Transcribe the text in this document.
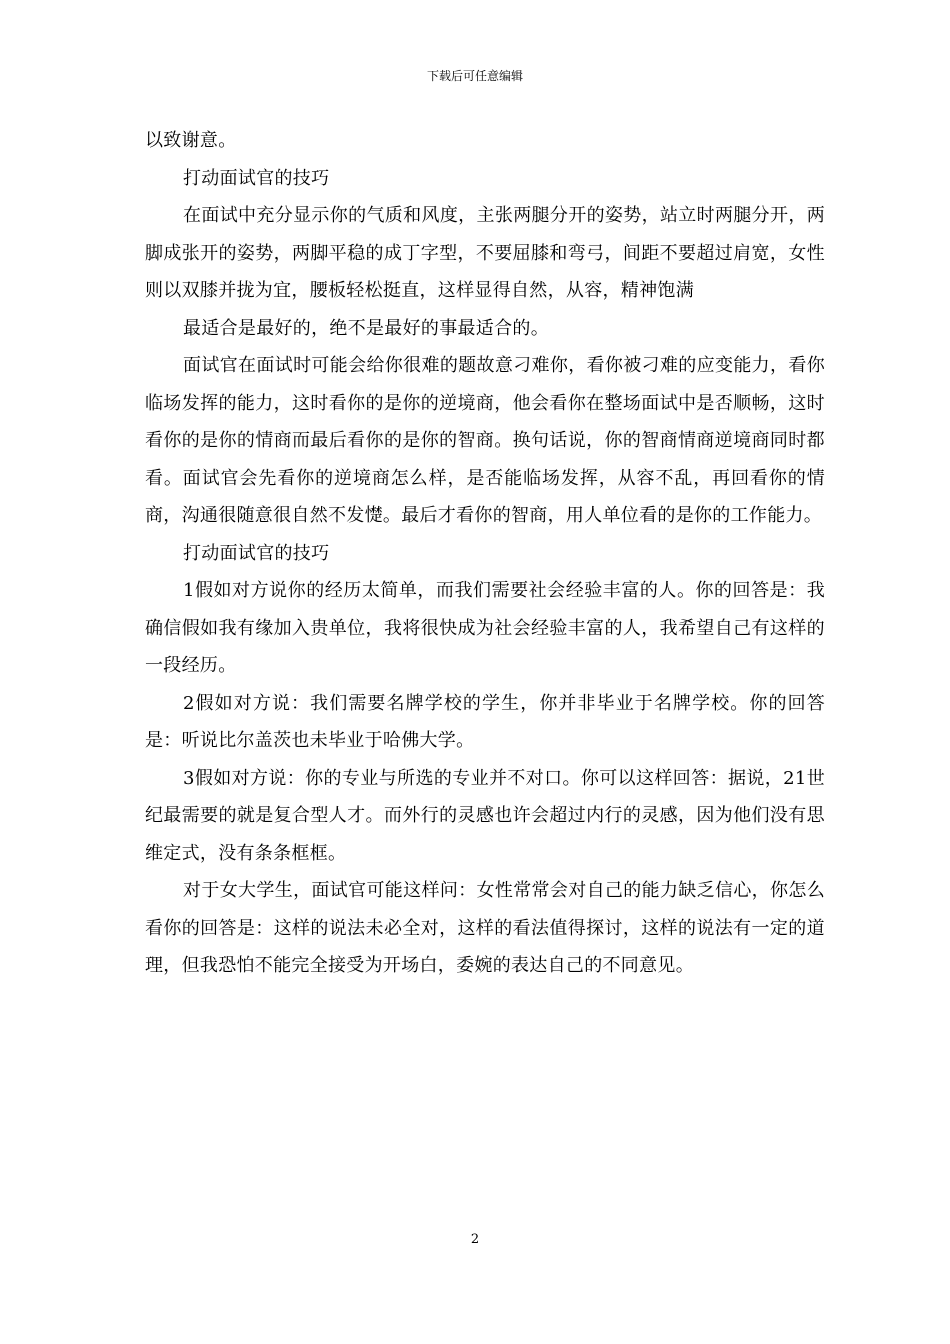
下载后可任意编辑

以致谢意。

打动面试官的技巧

在面试中充分显示你的气质和风度，主张两腿分开的姿势，站立时两腿分开，两脚成张开的姿势，两脚平稳的成丁字型，不要屈膝和弯弓，间距不要超过肩宽，女性则以双膝并拢为宜，腰板轻松挺直，这样显得自然，从容，精神饱满

最适合是最好的，绝不是最好的事最适合的。

面试官在面试时可能会给你很难的题故意刁难你，看你被刁难的应变能力，看你临场发挥的能力，这时看你的是你的逆境商，他会看你在整场面试中是否顺畅，这时看你的是你的情商而最后看你的是你的智商。换句话说，你的智商情商逆境商同时都看。面试官会先看你的逆境商怎么样，是否能临场发挥，从容不乱，再回看你的情商，沟通很随意很自然不发憷。最后才看你的智商，用人单位看的是你的工作能力。

打动面试官的技巧

1假如对方说你的经历太简单，而我们需要社会经验丰富的人。你的回答是：我确信假如我有缘加入贵单位，我将很快成为社会经验丰富的人，我希望自己有这样的一段经历。

2假如对方说：我们需要名牌学校的学生，你并非毕业于名牌学校。你的回答是：听说比尔盖茨也未毕业于哈佛大学。

3假如对方说：你的专业与所选的专业并不对口。你可以这样回答：据说，21世纪最需要的就是复合型人才。而外行的灵感也许会超过内行的灵感，因为他们没有思维定式，没有条条框框。

对于女大学生，面试官可能这样问：女性常常会对自己的能力缺乏信心，你怎么看你的回答是：这样的说法未必全对，这样的看法值得探讨，这样的说法有一定的道理，但我恐怕不能完全接受为开场白，委婉的表达自己的不同意见。

2
